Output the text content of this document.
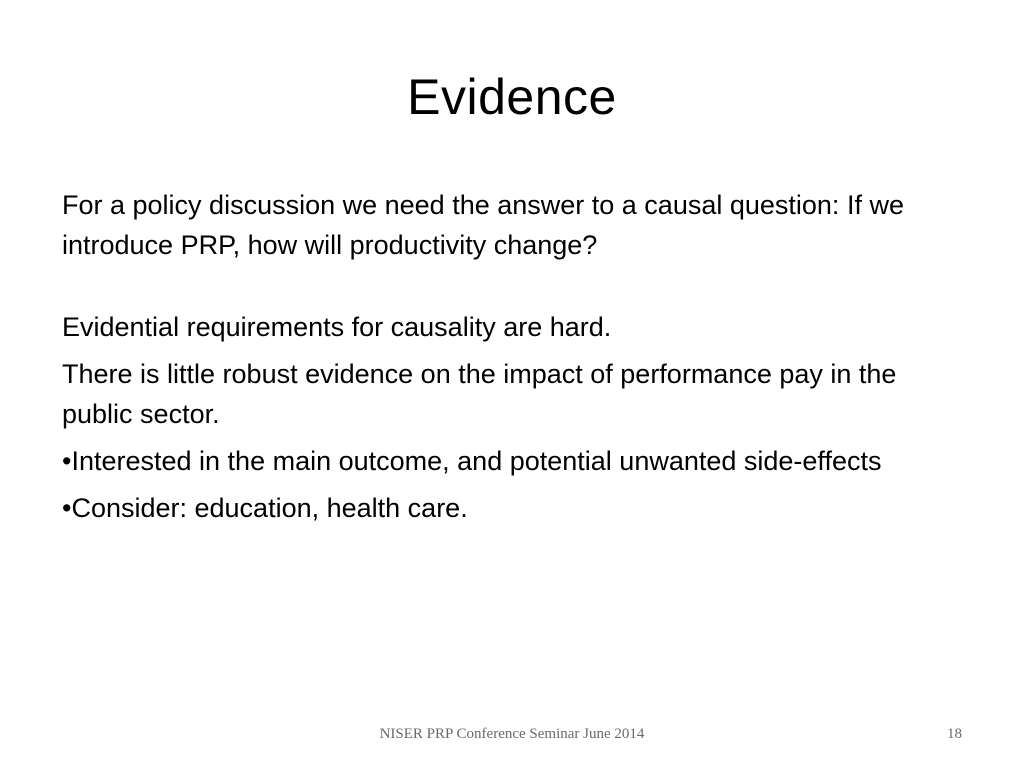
Evidence

For a policy discussion we need the answer to a causal question: If we introduce PRP, how will productivity change?

Evidential requirements for causality are hard.

There is little robust evidence on the impact of performance pay in the public sector.

•Interested in the main outcome, and potential unwanted side-effects

•Consider: education, health care.

NISER PRP Conference Seminar June 2014	18
